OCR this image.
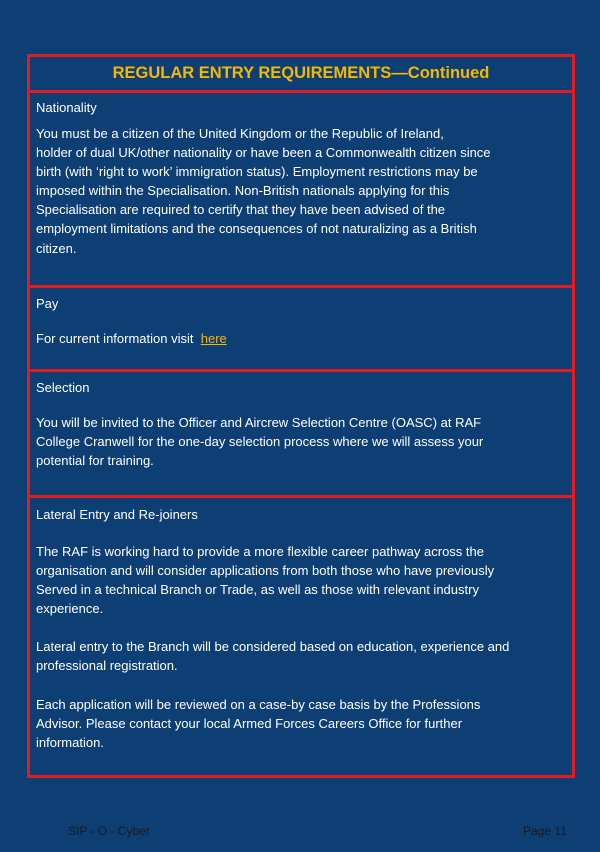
REGULAR ENTRY REQUIREMENTS—Continued

Nationality

You must be a citizen of the United Kingdom or the Republic of Ireland,

holder of dual UK/other nationality or have been a Commonwealth citizen since

birth (with ‘right to work’ immigration status). Employment restrictions may be

imposed within the Specialisation. Non-British nationals applying for this

Specialisation are required to certify that they have been advised of the

employment limitations and the consequences of not naturalizing as a British

citizen.

Pay

For current information visit here

Selection

You will be invited to the Officer and Aircrew Selection Centre (OASC) at RAF

College Cranwell for the one-day selection process where we will assess your

potential for training.

Lateral Entry and Re-joiners

The RAF is working hard to provide a more flexible career pathway across the

organisation and will consider applications from both those who have previously

Served in a technical Branch or Trade, as well as those with relevant industry

experience.

Lateral entry to the Branch will be considered based on education, experience and

professional registration.

Each application will be reviewed on a case-by case basis by the Professions

Advisor. Please contact your local Armed Forces Careers Office for further

information.

SIP - O - Cyber	Page 11
